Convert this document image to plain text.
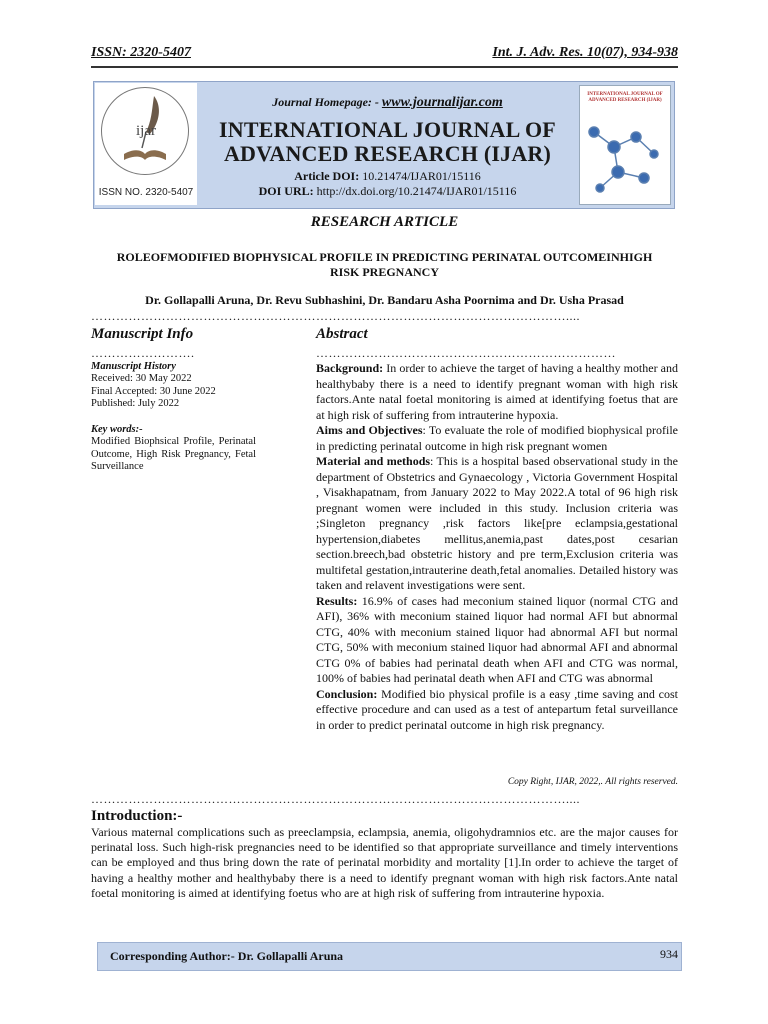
ISSN: 2320-5407	Int. J. Adv. Res. 10(07), 934-938
ijar
ISSN NO. 2320-5407
Journal Homepage: - www.journalijar.com
INTERNATIONAL JOURNAL OF
ADVANCED RESEARCH (IJAR)
Article DOI: 10.21474/IJAR01/15116
DOI URL: http://dx.doi.org/10.21474/IJAR01/15116
INTERNATIONAL JOURNAL OF ADVANCED RESEARCH (IJAR)
RESEARCH ARTICLE
ROLEOFMODIFIED BIOPHYSICAL PROFILE IN PREDICTING PERINATAL OUTCOMEINHIGH
RISK PREGNANCY
Dr. Gollapalli Aruna, Dr. Revu Subhashini, Dr. Bandaru Asha Poornima and Dr. Usha Prasad
……………………………………………………………………………………………………....
Manuscript Info	Abstract
…………………….	………………………………………………………………

Manuscript History

Received: 30 May 2022

Final Accepted: 30 June 2022

Published: July 2022

Key words:-

Modified Biophsical Profile, Perinatal Outcome, High Risk Pregnancy, Fetal Surveillance

Background: In order to achieve the target of having a healthy mother and healthybaby there is a need to identify pregnant woman with high risk factors.Ante natal foetal monitoring is aimed at identifying foetus that are at high risk of suffering from intrauterine hypoxia.

Aims and Objectives: To evaluate the role of modified biophysical profile in predicting perinatal outcome in high risk pregnant women

Material and methods: This is a hospital based observational study in the department of Obstetrics and Gynaecology , Victoria Government Hospital , Visakhapatnam, from January 2022 to May 2022.A total of 96 high risk pregnant women were included in this study. Inclusion criteria was ;Singleton pregnancy ,risk factors like[pre eclampsia,gestational hypertension,diabetes mellitus,anemia,past dates,post cesarian section.breech,bad obstetric history and pre term,Exclusion criteria was multifetal gestation,intrauterine death,fetal anomalies. Detailed history was taken and relavent investigations were sent.

Results: 16.9% of cases had meconium stained liquor (normal CTG and AFI), 36% with meconium stained liquor had normal AFI but abnormal CTG, 40% with meconium stained liquor had abnormal AFI but normal CTG, 50% with meconium stained liquor had abnormal AFI and abnormal CTG 0% of babies had perinatal death when AFI and CTG was normal, 100% of babies had perinatal death when AFI and CTG was abnormal

Conclusion: Modified bio physical profile is a easy ,time saving and cost effective procedure and can used as a test of antepartum fetal surveillance in order to predict perinatal outcome in high risk pregnancy.

Copy Right, IJAR, 2022,. All rights reserved.
……………………………………………………………………………………………………....
Introduction:-
Various maternal complications such as preeclampsia, eclampsia, anemia, oligohydramnios etc. are the major causes for perinatal loss. Such high-risk pregnancies need to be identified so that appropriate surveillance and timely interventions can be employed and thus bring down the rate of perinatal morbidity and mortality [1].In order to achieve the target of having a healthy mother and healthybaby there is a need to identify pregnant woman with high risk factors.Ante natal foetal monitoring is aimed at identifying foetus who are at high risk of suffering from intrauterine hypoxia.
Corresponding Author:- Dr. Gollapalli Aruna	934
